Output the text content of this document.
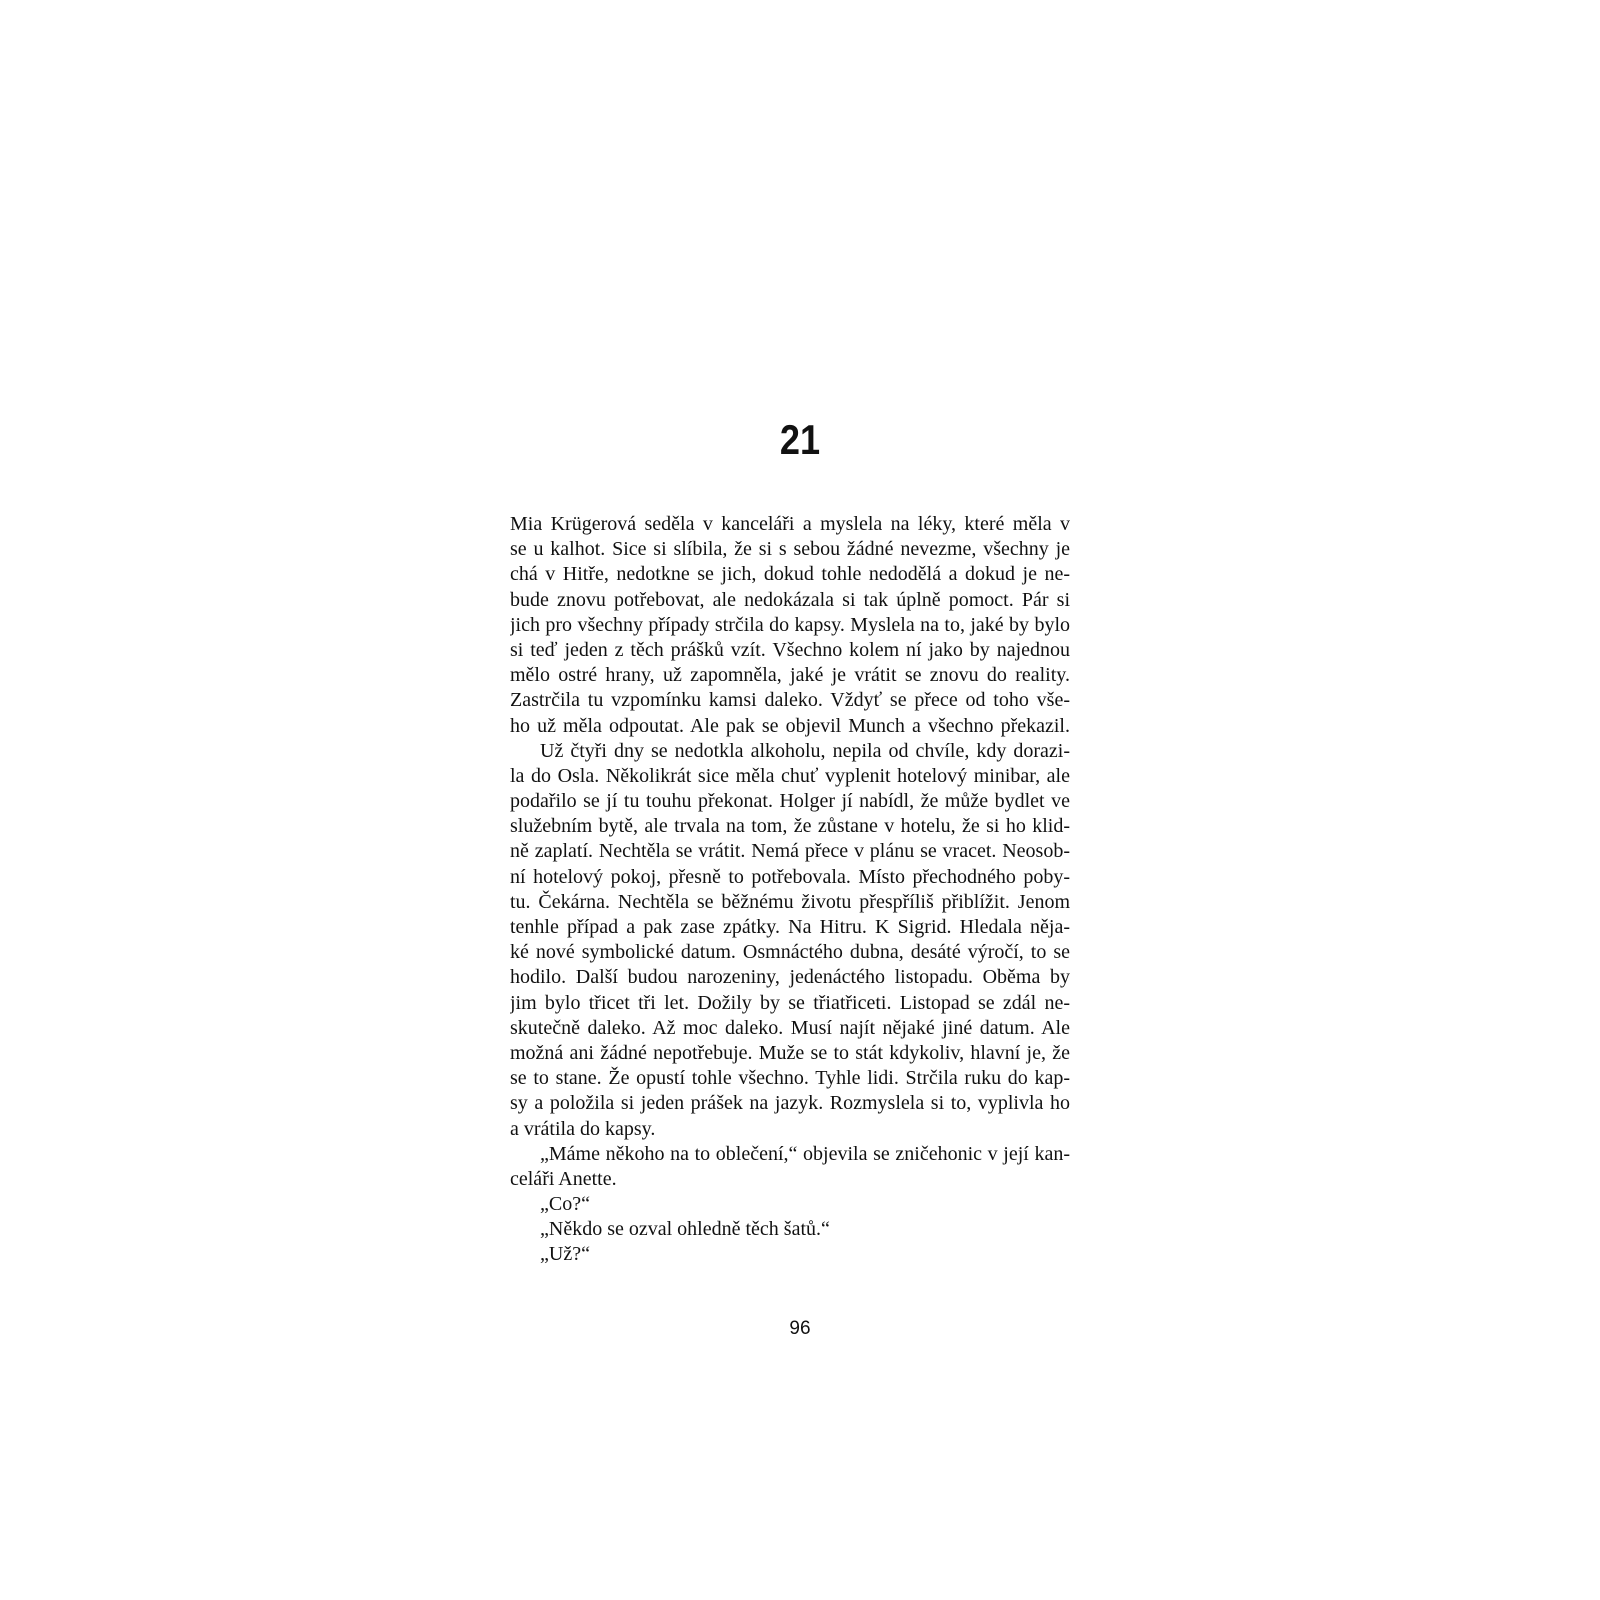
21
Mia Krügerová seděla v kanceláři a myslela na léky, které měla v
se u kalhot. Sice si slíbila, že si s sebou žádné nevezme, všechny je
chá v Hitře, nedotkne se jich, dokud tohle nedodělá a dokud je ne-
bude znovu potřebovat, ale nedokázala si tak úplně pomoct. Pár si
jich pro všechny případy strčila do kapsy. Myslela na to, jaké by bylo
si teď jeden z těch prášků vzít. Všechno kolem ní jako by najednou
mělo ostré hrany, už zapomněla, jaké je vrátit se znovu do reality.
Zastrčila tu vzpomínku kamsi daleko. Vždyť se přece od toho vše-
ho už měla odpoutat. Ale pak se objevil Munch a všechno překazil.
Už čtyři dny se nedotkla alkoholu, nepila od chvíle, kdy dorazi-
la do Osla. Několikrát sice měla chuť vyplenit hotelový minibar, ale
podařilo se jí tu touhu překonat. Holger jí nabídl, že může bydlet ve
služebním bytě, ale trvala na tom, že zůstane v hotelu, že si ho klid-
ně zaplatí. Nechtěla se vrátit. Nemá přece v plánu se vracet. Neosob-
ní hotelový pokoj, přesně to potřebovala. Místo přechodného poby-
tu. Čekárna. Nechtěla se běžnému životu přespříliš přiblížit. Jenom
tenhle případ a pak zase zpátky. Na Hitru. K Sigrid. Hledala něja-
ké nové symbolické datum. Osmnáctého dubna, desáté výročí, to se
hodilo. Další budou narozeniny, jedenáctého listopadu. Oběma by
jim bylo třicet tři let. Dožily by se třiatřiceti. Listopad se zdál ne-
skutečně daleko. Až moc daleko. Musí najít nějaké jiné datum. Ale
možná ani žádné nepotřebuje. Muže se to stát kdykoliv, hlavní je, že
se to stane. Že opustí tohle všechno. Tyhle lidi. Strčila ruku do kap-
sy a položila si jeden prášek na jazyk. Rozmyslela si to, vyplivla ho
a vrátila do kapsy.
„Máme někoho na to oblečení,“ objevila se zničehonic v její kan-
celáři Anette.
„Co?“
„Někdo se ozval ohledně těch šatů.“
„Už?“
96
